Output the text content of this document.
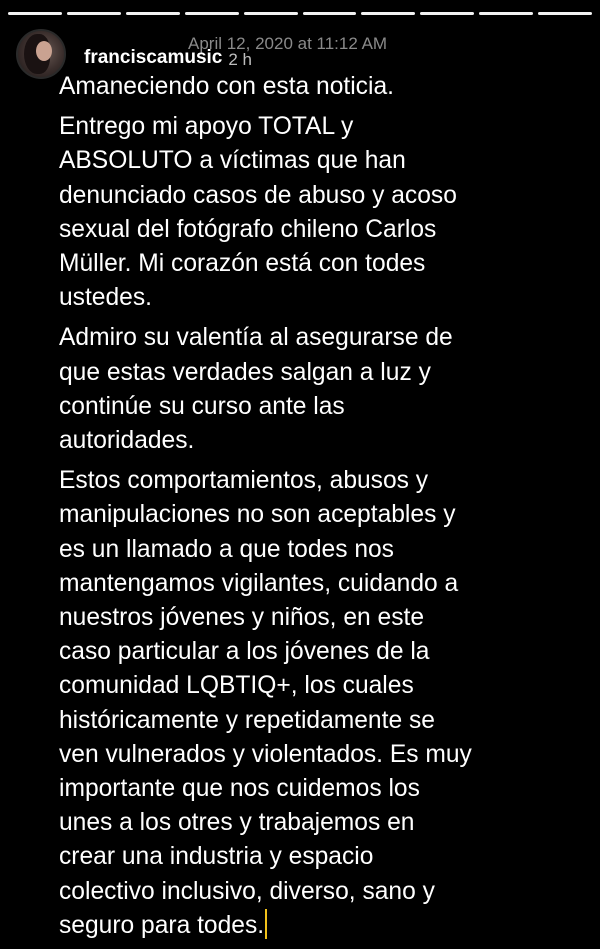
franciscamusic 2 h
April 12, 2020 at 11:12 AM

Amaneciendo con esta noticia.

Entrego mi apoyo TOTAL y
ABSOLUTO a víctimas que han
denunciado casos de abuso y acoso
sexual del fotógrafo chileno Carlos
Müller. Mi corazón está con todes
ustedes.

Admiro su valentía al asegurarse de
que estas verdades salgan a luz y
continúe su curso ante las
autoridades.

Estos comportamientos, abusos y
manipulaciones no son aceptables y
es un llamado a que todes nos
mantengamos vigilantes, cuidando a
nuestros jóvenes y niños, en este
caso particular a los jóvenes de la
comunidad LQBTIQ+, los cuales
históricamente y repetidamente se
ven vulnerados y violentados. Es muy
importante que nos cuidemos los
unes a los otres y trabajemos en
crear una industria y espacio
colectivo inclusivo, diverso, sano y
seguro para todes.
